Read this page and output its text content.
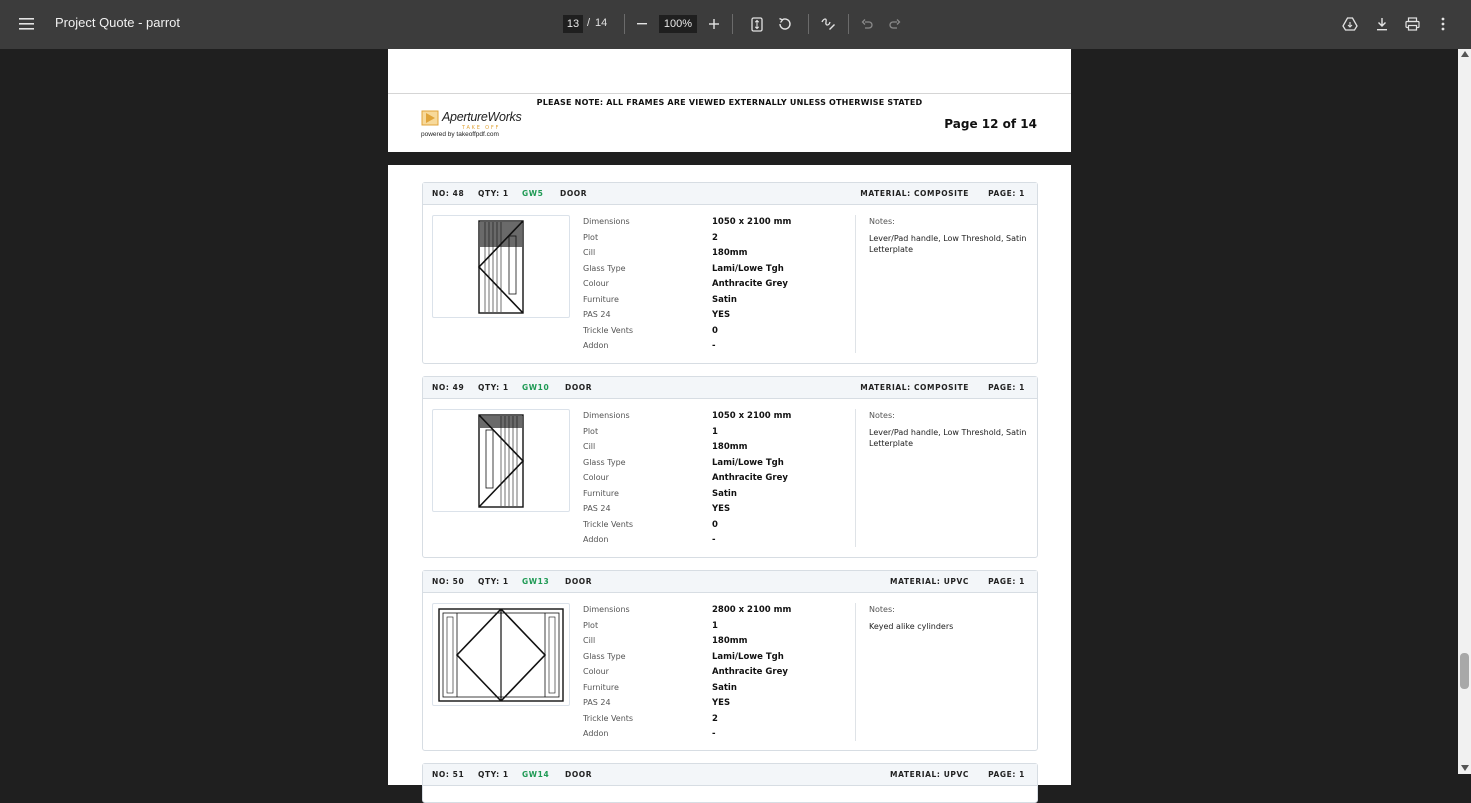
Project Quote - parrot	13 / 14	100%
PLEASE NOTE: ALL FRAMES ARE VIEWED EXTERNALLY UNLESS OTHERWISE STATED
ApertureWorks
TAKE OFF
powered by takeoffpdf.com
Page 12 of 14
NO: 48 QTY: 1 GW5 DOOR	MATERIAL: COMPOSITE	PAGE: 1
Dimensions	1050 x 2100 mm
Plot	2
Cill	180mm
Glass Type	Lami/Lowe Tgh
Colour	Anthracite Grey
Furniture	Satin
PAS 24	YES
Trickle Vents	0
Addon	-
Notes:
Lever/Pad handle, Low Threshold, Satin Letterplate
NO: 49 QTY: 1 GW10 DOOR	MATERIAL: COMPOSITE	PAGE: 1
Dimensions	1050 x 2100 mm
Plot	1
Cill	180mm
Glass Type	Lami/Lowe Tgh
Colour	Anthracite Grey
Furniture	Satin
PAS 24	YES
Trickle Vents	0
Addon	-
Notes:
Lever/Pad handle, Low Threshold, Satin Letterplate
NO: 50 QTY: 1 GW13 DOOR	MATERIAL: UPVC	PAGE: 1
Dimensions	2800 x 2100 mm
Plot	1
Cill	180mm
Glass Type	Lami/Lowe Tgh
Colour	Anthracite Grey
Furniture	Satin
PAS 24	YES
Trickle Vents	2
Addon	-
Notes:
Keyed alike cylinders
NO: 51 QTY: 1 GW14 DOOR	MATERIAL: UPVC	PAGE: 1
